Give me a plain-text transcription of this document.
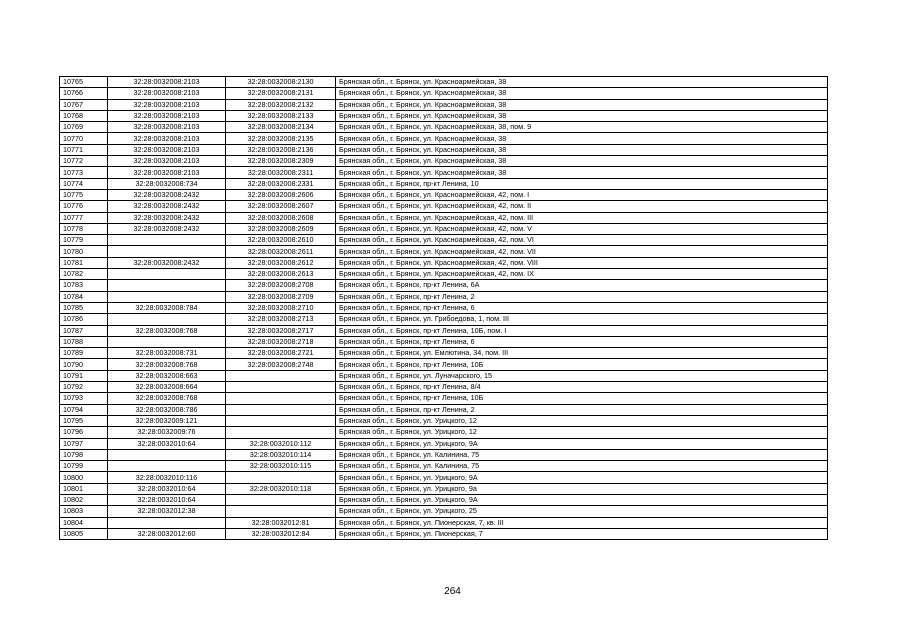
10765	32:28:0032008:2103	32:28:0032008:2130	Брянская обл., г. Брянск, ул. Красноармейская, 38
10766	32:28:0032008:2103	32:28:0032008:2131	Брянская обл., г. Брянск, ул. Красноармейская, 38
10767	32:28:0032008:2103	32:28:0032008:2132	Брянская обл., г. Брянск, ул. Красноармейская, 38
10768	32:28:0032008:2103	32:28:0032008:2133	Брянская обл., г. Брянск, ул. Красноармейская, 38
10769	32:28:0032008:2103	32:28:0032008:2134	Брянская обл., г. Брянск, ул. Красноармейская, 38, пом. 9
10770	32:28:0032008:2103	32:28:0032008:2135	Брянская обл., г. Брянск, ул. Красноармейская, 38
10771	32:28:0032008:2103	32:28:0032008:2136	Брянская обл., г. Брянск, ул. Красноармейская, 38
10772	32:28:0032008:2103	32:28:0032008:2309	Брянская обл., г. Брянск, ул. Красноармейская, 38
10773	32:28:0032008:2103	32:28:0032008:2311	Брянская обл., г. Брянск, ул. Красноармейская, 38
10774	32:28:0032008:734	32:28:0032008:2331	Брянская обл., г. Брянск, пр-кт Ленина, 10
10775	32:28:0032008:2432	32:28:0032008:2606	Брянская обл., г. Брянск, ул. Красноармейская, 42, пом. I
10776	32:28:0032008:2432	32:28:0032008:2607	Брянская обл., г. Брянск, ул. Красноармейская, 42, пом. II
10777	32:28:0032008:2432	32:28:0032008:2608	Брянская обл., г. Брянск, ул. Красноармейская, 42, пом. III
10778	32:28:0032008:2432	32:28:0032008:2609	Брянская обл., г. Брянск, ул. Красноармейская, 42, пом. V
10779		32:28:0032008:2610	Брянская обл., г. Брянск, ул. Красноармейская, 42, пом. VI
10780		32:28:0032008:2611	Брянская обл., г. Брянск, ул. Красноармейская, 42, пом. VII
10781	32:28:0032008:2432	32:28:0032008:2612	Брянская обл., г. Брянск, ул. Красноармейская, 42, пом. VIII
10782		32:28:0032008:2613	Брянская обл., г. Брянск, ул. Красноармейская, 42, пом. IX
10783		32:28:0032008:2708	Брянская обл., г. Брянск, пр-кт Ленина, 6А
10784		32:28:0032008:2709	Брянская обл., г. Брянск, пр-кт Ленина, 2
10785	32:28:0032008:784	32:28:0032008:2710	Брянская обл., г. Брянск, пр-кт Ленина, 6
10786		32:28:0032008:2713	Брянская обл., г. Брянск, ул. Грибоедова, 1, пом. III
10787	32:28:0032008:768	32:28:0032008:2717	Брянская обл., г. Брянск, пр-кт Ленина, 10Б, пом. I
10788		32:28:0032008:2718	Брянская обл., г. Брянск, пр-кт Ленина, 6
10789	32:28:0032008:731	32:28:0032008:2721	Брянская обл., г. Брянск, ул. Емлютина, 34, пом. III
10790	32:28:0032008:768	32:28:0032008:2748	Брянская обл., г. Брянск, пр-кт Ленина, 10Б
10791	32:28:0032008:663		Брянская обл., г. Брянск, ул. Луначарского, 15
10792	32:28:0032008:664		Брянская обл., г. Брянск, пр-кт Ленина, 8/4
10793	32:28:0032008:768		Брянская обл., г. Брянск, пр-кт Ленина, 10Б
10794	32:28:0032008:786		Брянская обл., г. Брянск, пр-кт Ленина, 2
10795	32:28:0032009:121		Брянская обл., г. Брянск, ул. Урицкого, 12
10796	32:28:0032009:76		Брянская обл., г. Брянск, ул. Урицкого, 12
10797	32:28:0032010:64	32:28:0032010:112	Брянская обл., г. Брянск, ул. Урицкого, 9А
10798		32:28:0032010:114	Брянская обл., г. Брянск, ул. Калинина, 75
10799		32:28:0032010:115	Брянская обл., г. Брянск, ул. Калинина, 75
10800	32:28:0032010:116		Брянская обл., г. Брянск, ул. Урицкого, 9А
10801	32:28:0032010:64	32:28:0032010:118	Брянская обл., г. Брянск, ул. Урицкого, 9а
10802	32:28:0032010:64		Брянская обл., г. Брянск, ул. Урицкого, 9А
10803	32:28:0032012:38		Брянская обл., г. Брянск, ул. Урицкого, 25
10804		32:28:0032012:81	Брянская обл., г. Брянск, ул. Пионерская, 7, кв. III
10805	32:28:0032012:60	32:28:0032012:84	Брянская обл., г. Брянск, ул. Пионерская, 7
264
